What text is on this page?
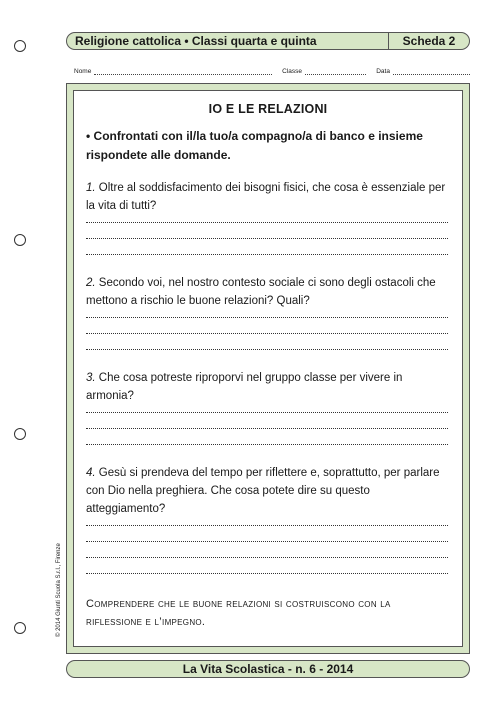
Religione cattolica • Classi quarta e quinta	Scheda 2
Nome	Classe	Data
IO E LE RELAZIONI
• Confrontati con il/la tuo/a compagno/a di banco e insieme rispondete alle domande.
1. Oltre al soddisfacimento dei bisogni fisici, che cosa è essenziale per la vita di tutti?
2. Secondo voi, nel nostro contesto sociale ci sono degli ostacoli che mettono a rischio le buone relazioni? Quali?
3. Che cosa potreste riproporvi nel gruppo classe per vivere in armonia?
4. Gesù si prendeva del tempo per riflettere e, soprattutto, per parlare con Dio nella preghiera. Che cosa potete dire su questo atteggiamento?
Comprendere che le buone relazioni si costruiscono con la riflessione e l’impegno.
La Vita Scolastica - n. 6 - 2014
© 2014 Giunti Scuola S.r.l., Firenze
